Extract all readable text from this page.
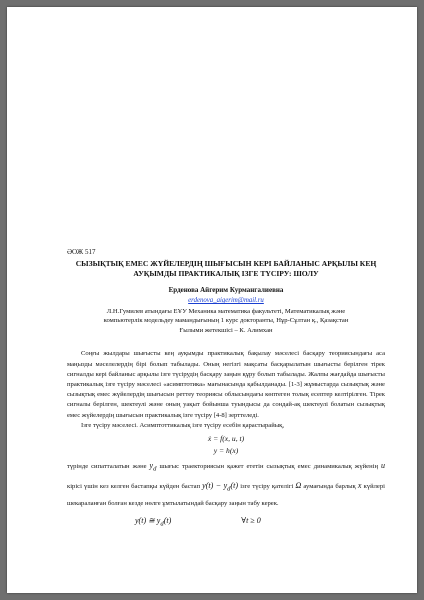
ӘОЖ 517

СЫЗЫҚТЫҚ ЕМЕС ЖҮЙЕЛЕРДІҢ ШЫҒЫСЫН КЕРІ БАЙЛАНЫС АРҚЫЛЫ КЕҢ
АУҚЫМДЫ ПРАКТИКАЛЫҚ ІЗГЕ ТҮСІРУ: ШОЛУ

Ерденова Айгерим Курмангалиевна

erdenova_aigerim@mail.ru

Л.Н.Гумилев атындағы ЕҰУ Механика математика факультеті, Математикалық және
компьютерлік модельдеу мамандығының 1 курс докторанты, Нұр-Сұлтан қ., Қазақстан
Ғылыми жетекшісі – К. Алимхан

Соңғы жылдары шығысты кең ауқымды практикалық бақылау мәселесі басқару теориясындағы аса маңызды мәселелердің бірі болып табылады. Оның негізгі мақсаты басқарылатын шығысты берілген тірек сигналды кері байланыс арқылы ізге түсірудің басқару заңын құру болып табылады. Жалпы жағдайда шығысты практикалық ізге түсіру мәселесі «асимптотика» мағынасында қабылданады. [1-3] жұмыстарда сызықтық және сызықтық емес жүйелердің шығысын реттеу теориясы облысындағы көптеген толық есептер келтірілген. Тірек сигналы берілген, шектеулі және оның уақыт бойынша туындысы да сондай-ақ шектеулі болатын сызықтық емес жүйелердің шығысын практикалық ізге түсіру [4-8] зерттеледі.

Ізге түсіру мәселесі. Асимптоттикалық ізге түсіру есебін қарастырайық,

ẋ = f(x, u, t)
y = h(x)

түрінде сипатталатын және $y_d$ шығыс траекториясын қажет ететін сызықтық емес динамикалық жүйенің u кірісі үшін кез келген бастапқы күйден бастап $y(t) - y_d(t)$ ізге түсіру қателігі Ω аумағында барлық x күйлері шекараланған болған кезде нөлге ұмтылатындай басқару заңын табу керек.

y(t) ≅ $y_d(t)$	∀t ≥ 0
